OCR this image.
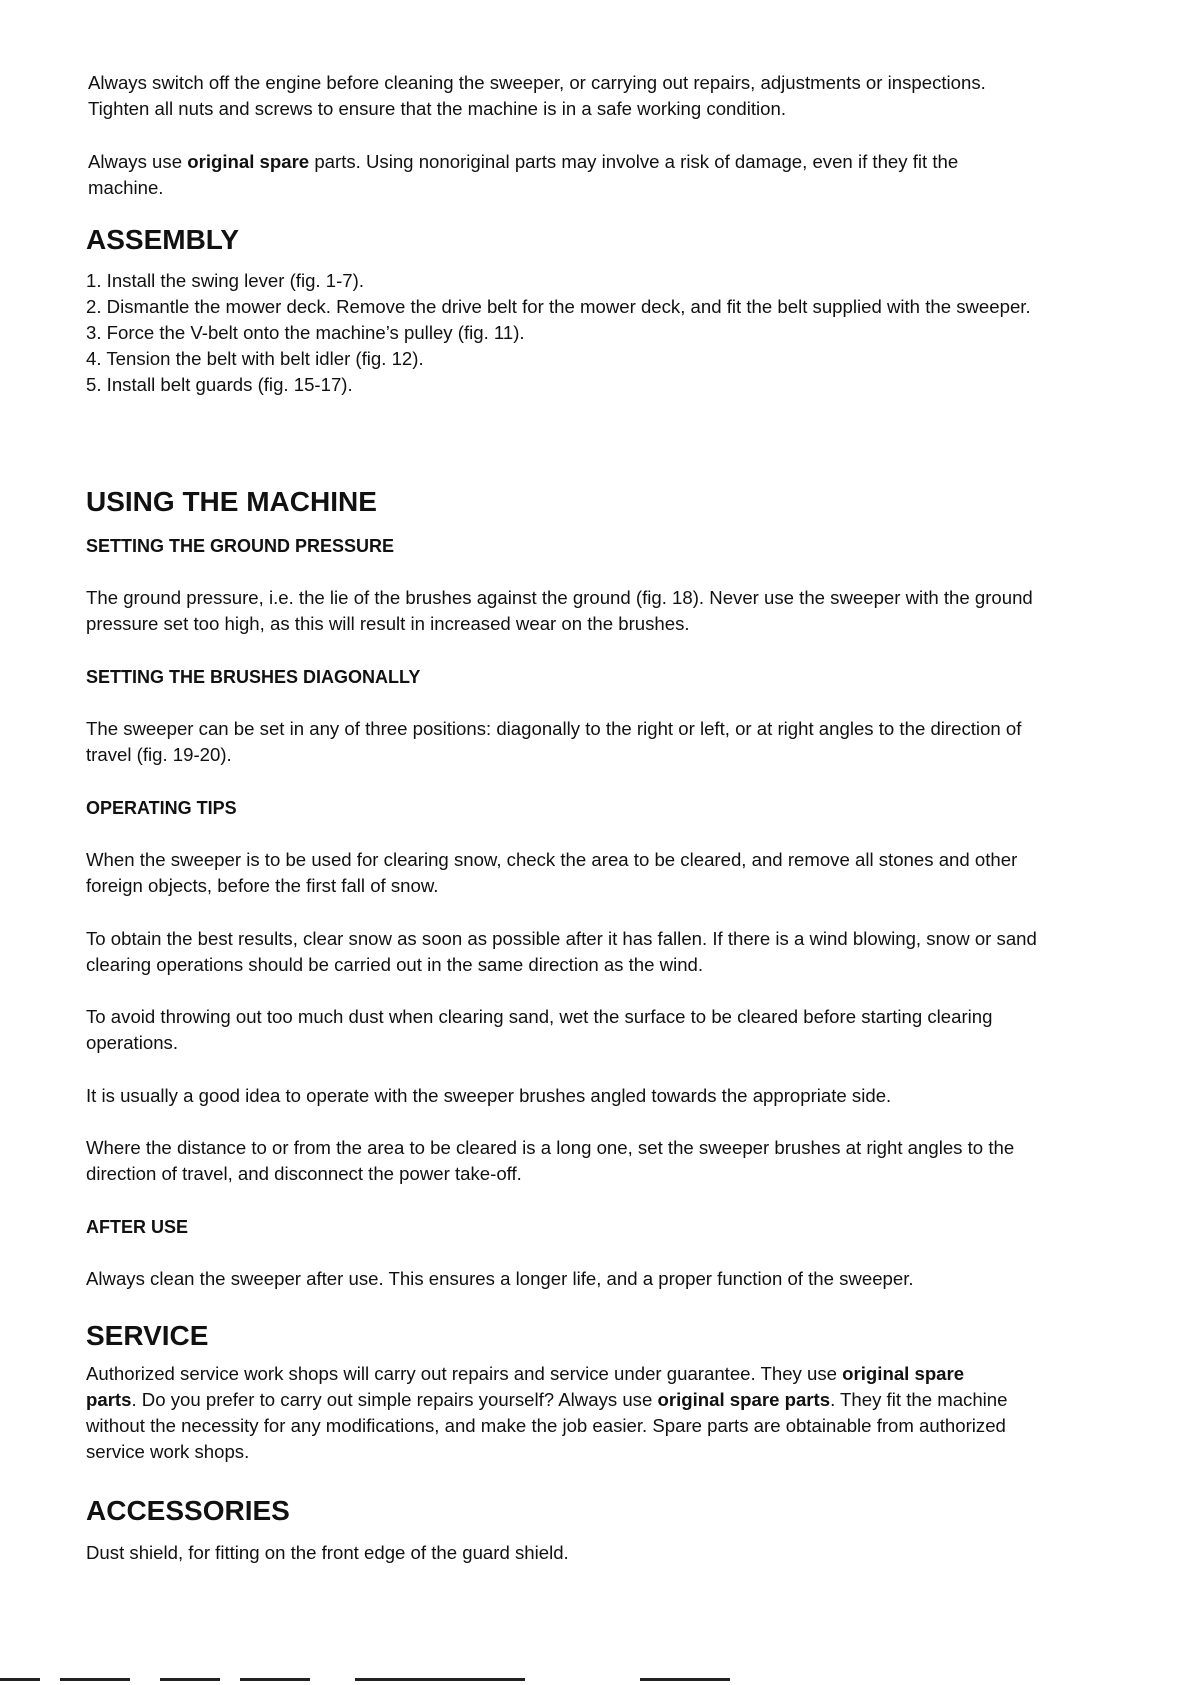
Always switch off the engine before cleaning the sweeper, or carrying out repairs, adjustments or inspections.

Tighten all nuts and screws to ensure that the machine is in a safe working condition.

Always use original spare parts. Using nonoriginal parts may involve a risk of damage, even if they fit the

machine.

ASSEMBLY

1. Install the swing lever (fig. 1-7).

2. Dismantle the mower deck. Remove the drive belt for the mower deck, and fit the belt supplied with the sweeper.

3. Force the V-belt onto the machine’s pulley (fig. 11).

4. Tension the belt with belt idler (fig. 12).

5. Install belt guards (fig. 15-17).

USING THE MACHINE
SETTING THE GROUND PRESSURE

The ground pressure, i.e. the lie of the brushes against the ground (fig. 18). Never use the sweeper with the ground

pressure set too high, as this will result in increased wear on the brushes.

SETTING THE BRUSHES DIAGONALLY

The sweeper can be set in any of three positions: diagonally to the right or left, or at right angles to the direction of

travel (fig. 19-20).

OPERATING TIPS

When the sweeper is to be used for clearing snow, check the area to be cleared, and remove all stones and other

foreign objects, before the first fall of snow.

To obtain the best results, clear snow as soon as possible after it has fallen. If there is a wind blowing, snow or sand

clearing operations should be carried out in the same direction as the wind.

To avoid throwing out too much dust when clearing sand, wet the surface to be cleared before starting clearing

operations.

It is usually a good idea to operate with the sweeper brushes angled towards the appropriate side.

Where the distance to or from the area to be cleared is a long one, set the sweeper brushes at right angles to the

direction of travel, and disconnect the power take-off.

AFTER USE

Always clean the sweeper after use. This ensures a longer life, and a proper function of the sweeper.

SERVICE

Authorized service work shops will carry out repairs and service under guarantee. They use original spare

parts. Do you prefer to carry out simple repairs yourself? Always use original spare parts. They fit the machine

without the necessity for any modifications, and make the job easier. Spare parts are obtainable from authorized

service work shops.

ACCESSORIES

Dust shield, for fitting on the front edge of the guard shield.
